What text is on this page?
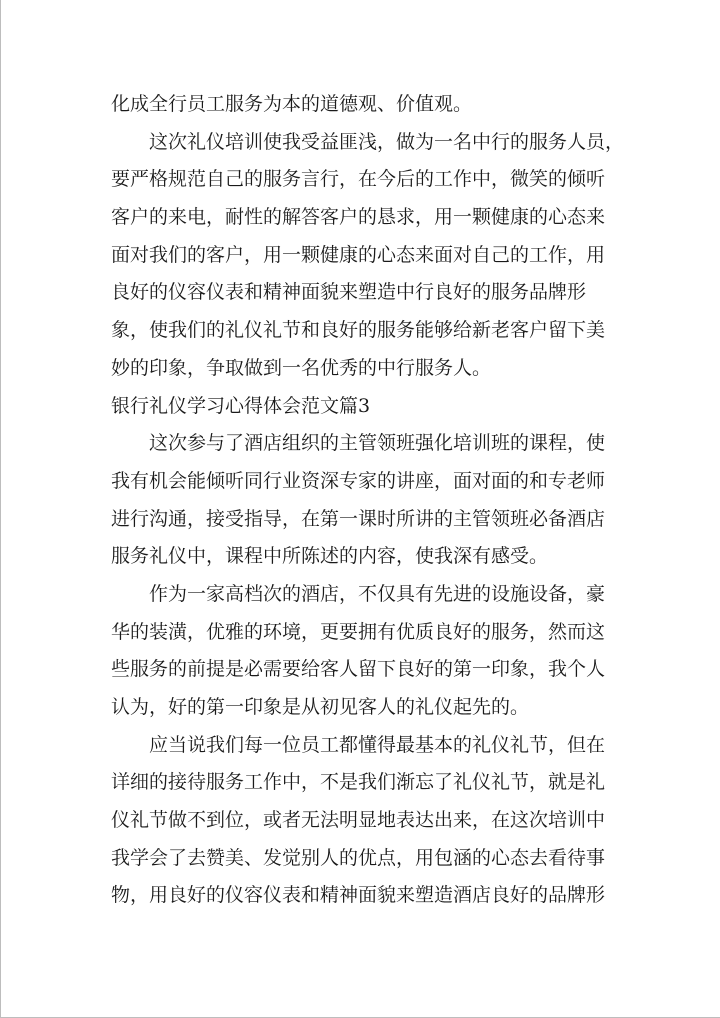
化成全行员工服务为本的道德观、价值观。
这次礼仪培训使我受益匪浅，做为一名中行的服务人员，
要严格规范自己的服务言行，在今后的工作中，微笑的倾听
客户的来电，耐性的解答客户的恳求，用一颗健康的心态来
面对我们的客户，用一颗健康的心态来面对自己的工作，用
良好的仪容仪表和精神面貌来塑造中行良好的服务品牌形
象，使我们的礼仪礼节和良好的服务能够给新老客户留下美
妙的印象，争取做到一名优秀的中行服务人。
银行礼仪学习心得体会范文篇3
这次参与了酒店组织的主管领班强化培训班的课程，使
我有机会能倾听同行业资深专家的讲座，面对面的和专老师
进行沟通，接受指导，在第一课时所讲的主管领班必备酒店
服务礼仪中，课程中所陈述的内容，使我深有感受。
作为一家高档次的酒店，不仅具有先进的设施设备，豪
华的装潢，优雅的环境，更要拥有优质良好的服务，然而这
些服务的前提是必需要给客人留下良好的第一印象，我个人
认为，好的第一印象是从初见客人的礼仪起先的。
应当说我们每一位员工都懂得最基本的礼仪礼节，但在
详细的接待服务工作中，不是我们渐忘了礼仪礼节，就是礼
仪礼节做不到位，或者无法明显地表达出来，在这次培训中
我学会了去赞美、发觉别人的优点，用包涵的心态去看待事
物，用良好的仪容仪表和精神面貌来塑造酒店良好的品牌形
